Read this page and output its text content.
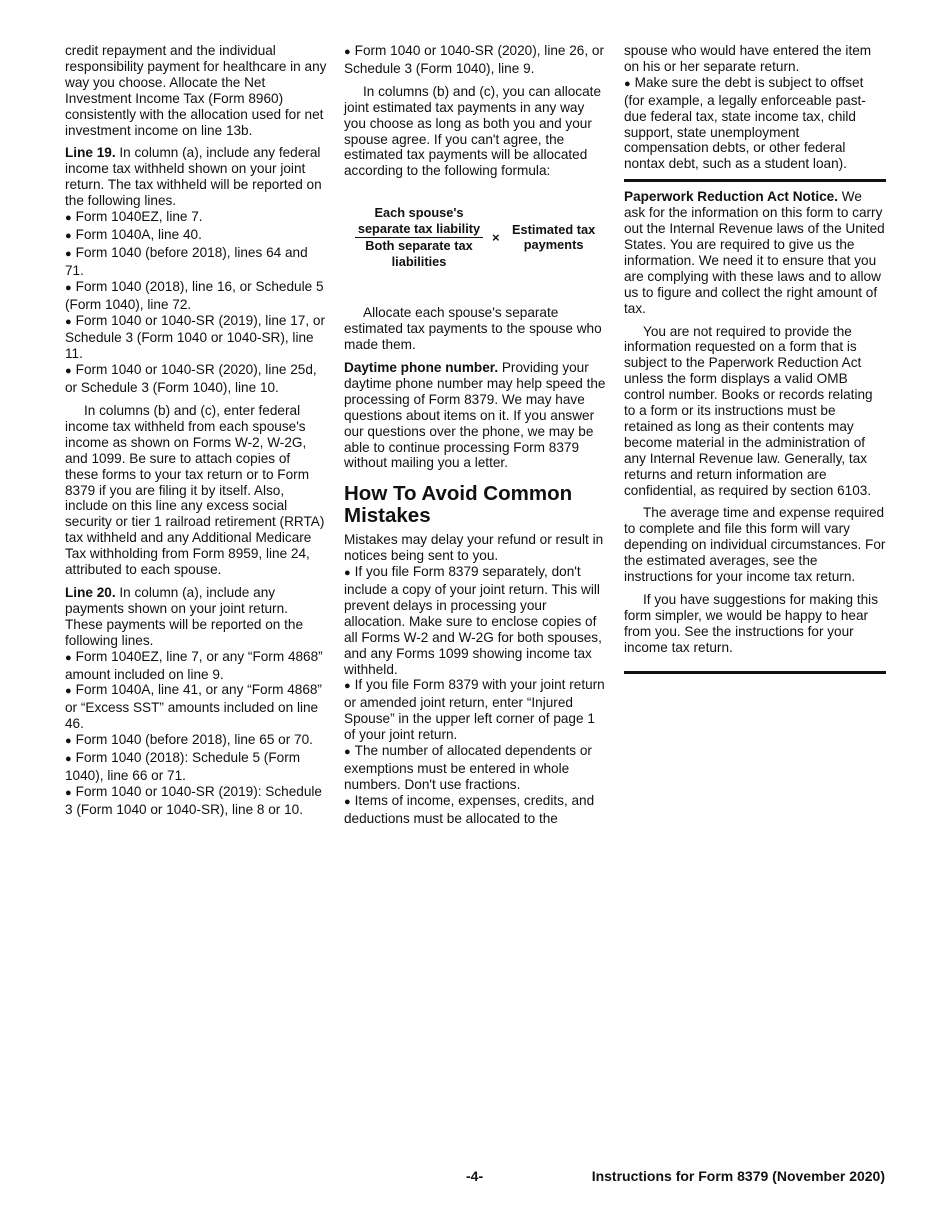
credit repayment and the individual responsibility payment for healthcare in any way you choose. Allocate the Net Investment Income Tax (Form 8960) consistently with the allocation used for net investment income on line 13b.

Line 19. In column (a), include any federal income tax withheld shown on your joint return. The tax withheld will be reported on the following lines.

● Form 1040EZ, line 7.
● Form 1040A, line 40.
● Form 1040 (before 2018), lines 64 and 71.
● Form 1040 (2018), line 16, or Schedule 5 (Form 1040), line 72.
● Form 1040 or 1040-SR (2019), line 17, or Schedule 3 (Form 1040 or 1040-SR), line 11.
● Form 1040 or 1040-SR (2020), line 25d, or Schedule 3 (Form 1040), line 10.

In columns (b) and (c), enter federal income tax withheld from each spouse's income as shown on Forms W-2, W-2G, and 1099. Be sure to attach copies of these forms to your tax return or to Form 8379 if you are filing it by itself. Also, include on this line any excess social security or tier 1 railroad retirement (RRTA) tax withheld and any Additional Medicare Tax withholding from Form 8959, line 24, attributed to each spouse.

Line 20. In column (a), include any payments shown on your joint return. These payments will be reported on the following lines.

● Form 1040EZ, line 7, or any “Form 4868” amount included on line 9.
● Form 1040A, line 41, or any “Form 4868” or “Excess SST” amounts included on line 46.
● Form 1040 (before 2018), line 65 or 70.
● Form 1040 (2018): Schedule 5 (Form 1040), line 66 or 71.
● Form 1040 or 1040-SR (2019): Schedule 3 (Form 1040 or 1040-SR), line 8 or 10.
● Form 1040 or 1040-SR (2020), line 26, or Schedule 3 (Form 1040), line 9.

In columns (b) and (c), you can allocate joint estimated tax payments in any way you choose as long as both you and your spouse agree. If you can't agree, the estimated tax payments will be allocated according to the following formula:

$\frac{\text{Each spouse's separate tax liability}}{\text{Both separate tax liabilities}}$ ×
Estimated tax payments

Allocate each spouse's separate estimated tax payments to the spouse who made them.

Daytime phone number. Providing your daytime phone number may help speed the processing of Form 8379. We may have questions about items on it. If you answer our questions over the phone, we may be able to continue processing Form 8379 without mailing you a letter.

How To Avoid Common Mistakes

Mistakes may delay your refund or result in notices being sent to you.

● If you file Form 8379 separately, don't include a copy of your joint return. This will prevent delays in processing your allocation. Make sure to enclose copies of all Forms W-2 and W-2G for both spouses, and any Forms 1099 showing income tax withheld.
● If you file Form 8379 with your joint return or amended joint return, enter “Injured Spouse” in the upper left corner of page 1 of your joint return.
● The number of allocated dependents or exemptions must be entered in whole numbers. Don't use fractions.
● Items of income, expenses, credits, and deductions must be allocated to the

spouse who would have entered the item on his or her separate return.

● Make sure the debt is subject to offset (for example, a legally enforceable past-due federal tax, state income tax, child support, state unemployment compensation debts, or other federal nontax debt, such as a student loan).

Paperwork Reduction Act Notice. We ask for the information on this form to carry out the Internal Revenue laws of the United States. You are required to give us the information. We need it to ensure that you are complying with these laws and to allow us to figure and collect the right amount of tax.

You are not required to provide the information requested on a form that is subject to the Paperwork Reduction Act unless the form displays a valid OMB control number. Books or records relating to a form or its instructions must be retained as long as their contents may become material in the administration of any Internal Revenue law. Generally, tax returns and return information are confidential, as required by section 6103.

The average time and expense required to complete and file this form will vary depending on individual circumstances. For the estimated averages, see the instructions for your income tax return.

If you have suggestions for making this form simpler, we would be happy to hear from you. See the instructions for your income tax return.

-4-	Instructions for Form 8379 (November 2020)
